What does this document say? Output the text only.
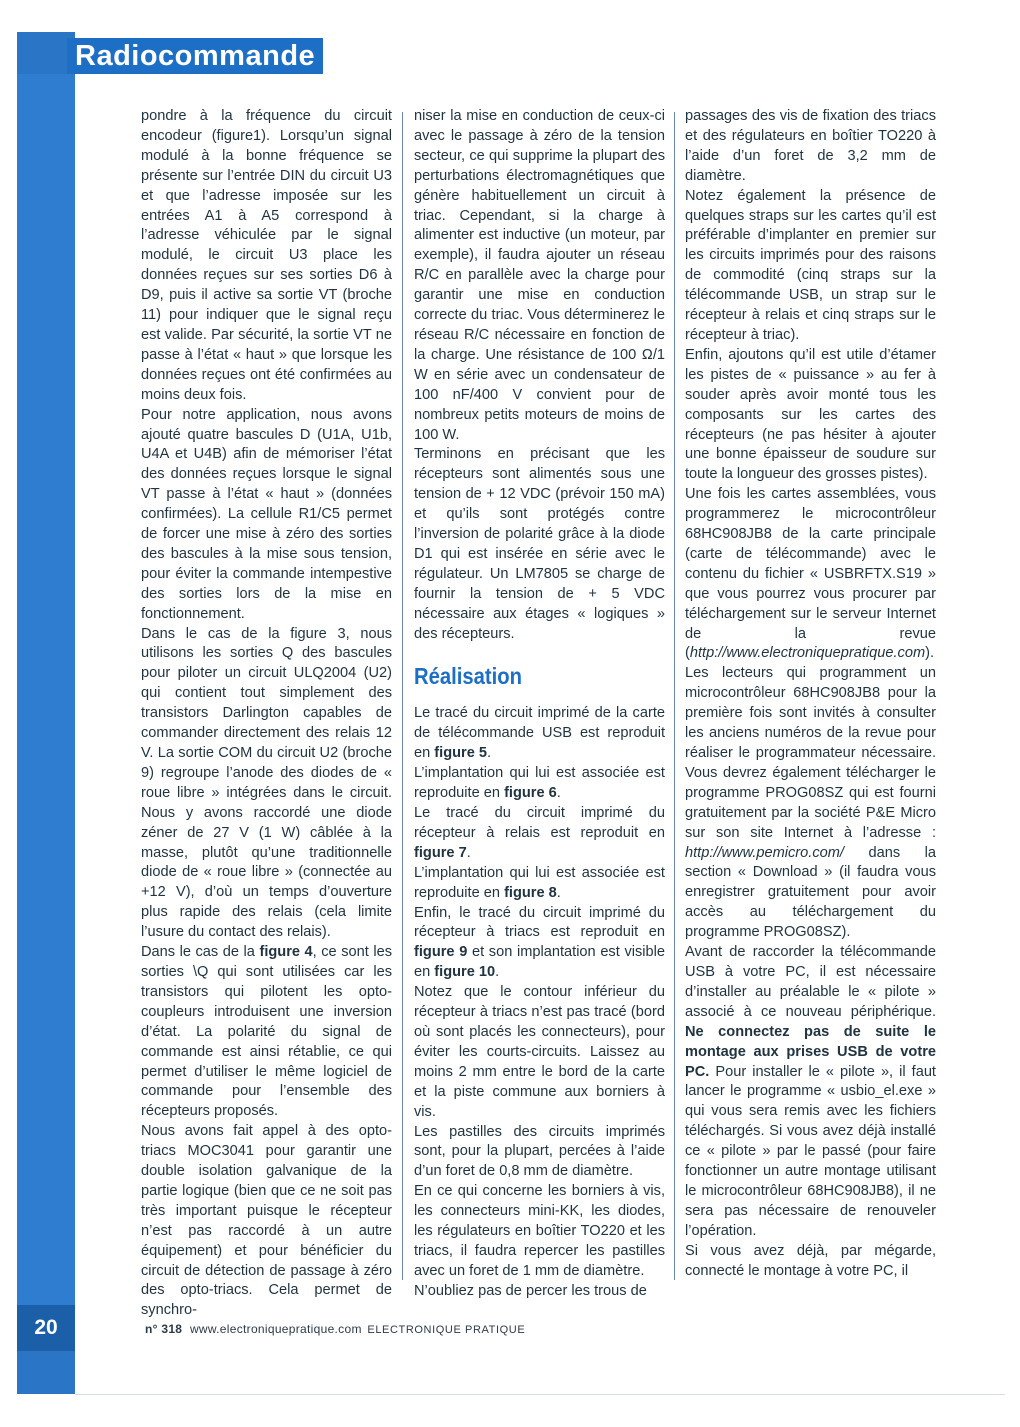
Radiocommande

pondre à la fréquence du circuit encodeur (figure1). Lorsqu’un signal modulé à la bonne fréquence se présente sur l’entrée DIN du circuit U3 et que l’adresse imposée sur les entrées A1 à A5 correspond à l’adresse véhiculée par le signal modulé, le circuit U3 place les données reçues sur ses sorties D6 à D9, puis il active sa sortie VT (broche 11) pour indiquer que le signal reçu est valide. Par sécurité, la sortie VT ne passe à l’état « haut » que lorsque les données reçues ont été confirmées au moins deux fois.

Pour notre application, nous avons ajouté quatre bascules D (U1A, U1b, U4A et U4B) afin de mémoriser l’état des données reçues lorsque le signal VT passe à l’état « haut » (données confirmées). La cellule R1/C5 permet de forcer une mise à zéro des sorties des bascules à la mise sous tension, pour éviter la commande intempestive des sorties lors de la mise en fonctionnement.

Dans le cas de la figure 3, nous utilisons les sorties Q des bascules pour piloter un circuit ULQ2004 (U2) qui contient tout simplement des transistors Darlington capables de commander directement des relais 12 V. La sortie COM du circuit U2 (broche 9) regroupe l’anode des diodes de « roue libre » intégrées dans le circuit. Nous y avons raccordé une diode zéner de 27 V (1 W) câblée à la masse, plutôt qu’une traditionnelle diode de « roue libre » (connectée au +12 V), d’où un temps d’ouverture plus rapide des relais (cela limite l’usure du contact des relais).

Dans le cas de la figure 4, ce sont les sorties \Q qui sont utilisées car les transistors qui pilotent les opto-coupleurs introduisent une inversion d’état. La polarité du signal de commande est ainsi rétablie, ce qui permet d’utiliser le même logiciel de commande pour l’ensemble des récepteurs proposés.

Nous avons fait appel à des opto-triacs MOC3041 pour garantir une double isolation galvanique de la partie logique (bien que ce ne soit pas très important puisque le récepteur n’est pas raccordé à un autre équipement) et pour bénéficier du circuit de détection de passage à zéro des opto-triacs. Cela permet de synchro-

niser la mise en conduction de ceux-ci avec le passage à zéro de la tension secteur, ce qui supprime la plupart des perturbations électromagnétiques que génère habituellement un circuit à triac. Cependant, si la charge à alimenter est inductive (un moteur, par exemple), il faudra ajouter un réseau R/C en parallèle avec la charge pour garantir une mise en conduction correcte du triac. Vous déterminerez le réseau R/C nécessaire en fonction de la charge. Une résistance de 100 Ω/1 W en série avec un condensateur de 100 nF/400 V convient pour de nombreux petits moteurs de moins de 100 W.

Terminons en précisant que les récepteurs sont alimentés sous une tension de + 12 VDC (prévoir 150 mA) et qu’ils sont protégés contre l’inversion de polarité grâce à la diode D1 qui est insérée en série avec le régulateur. Un LM7805 se charge de fournir la tension de + 5 VDC nécessaire aux étages « logiques » des récepteurs.

Réalisation

Le tracé du circuit imprimé de la carte de télécommande USB est reproduit en figure 5.

L’implantation qui lui est associée est reproduite en figure 6.

Le tracé du circuit imprimé du récepteur à relais est reproduit en figure 7.

L’implantation qui lui est associée est reproduite en figure 8.

Enfin, le tracé du circuit imprimé du récepteur à triacs est reproduit en figure 9 et son implantation est visible en figure 10.

Notez que le contour inférieur du récepteur à triacs n’est pas tracé (bord où sont placés les connecteurs), pour éviter les courts-circuits. Laissez au moins 2 mm entre le bord de la carte et la piste commune aux borniers à vis.

Les pastilles des circuits imprimés sont, pour la plupart, percées à l’aide d’un foret de 0,8 mm de diamètre.

En ce qui concerne les borniers à vis, les connecteurs mini-KK, les diodes, les régulateurs en boîtier TO220 et les triacs, il faudra repercer les pastilles avec un foret de 1 mm de diamètre.

N’oubliez pas de percer les trous de

passages des vis de fixation des triacs et des régulateurs en boîtier TO220 à l’aide d’un foret de 3,2 mm de diamètre.

Notez également la présence de quelques straps sur les cartes qu’il est préférable d’implanter en premier sur les circuits imprimés pour des raisons de commodité (cinq straps sur la télécommande USB, un strap sur le récepteur à relais et cinq straps sur le récepteur à triac).

Enfin, ajoutons qu’il est utile d’étamer les pistes de « puissance » au fer à souder après avoir monté tous les composants sur les cartes des récepteurs (ne pas hésiter à ajouter une bonne épaisseur de soudure sur toute la longueur des grosses pistes).

Une fois les cartes assemblées, vous programmerez le microcontrôleur 68HC908JB8 de la carte principale (carte de télécommande) avec le contenu du fichier « USBRFTX.S19 » que vous pourrez vous procurer par téléchargement sur le serveur Internet de la revue (http://www.electroniquepratique.com). Les lecteurs qui programment un microcontrôleur 68HC908JB8 pour la première fois sont invités à consulter les anciens numéros de la revue pour réaliser le programmateur nécessaire. Vous devrez également télécharger le programme PROG08SZ qui est fourni gratuitement par la société P&E Micro sur son site Internet à l’adresse : http://www.pemicro.com/ dans la section « Download » (il faudra vous enregistrer gratuitement pour avoir accès au téléchargement du programme PROG08SZ).

Avant de raccorder la télécommande USB à votre PC, il est nécessaire d’installer au préalable le « pilote » associé à ce nouveau périphérique. Ne connectez pas de suite le montage aux prises USB de votre PC. Pour installer le « pilote », il faut lancer le programme « usbio_el.exe » qui vous sera remis avec les fichiers téléchargés. Si vous avez déjà installé ce « pilote » par le passé (pour faire fonctionner un autre montage utilisant le microcontrôleur 68HC908JB8), il ne sera pas nécessaire de renouveler l’opération.

Si vous avez déjà, par mégarde, connecté le montage à votre PC, il

20	n° 318 www.electroniquepratique.com ELECTRONIQUE PRATIQUE
